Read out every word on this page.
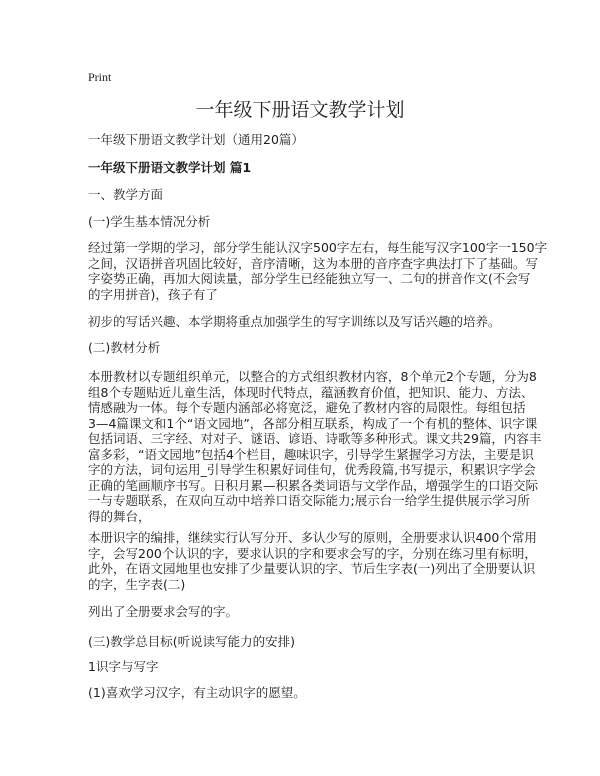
Print
一年级下册语文教学计划
一年级下册语文教学计划（通用20篇）
一年级下册语文教学计划 篇1
一、教学方面
(一)学生基本情况分析
经过第一学期的学习，部分学生能认汉字500字左右，每生能写汉字100字一150字
之间，汉语拼音巩固比较好，音序清晰，这为本册的音序查字典法打下了基础。写
字姿势正确，再加大阅读量，部分学生已经能独立写一、二句的拼音作文(不会写
的字用拼音)，孩子有了
初步的写话兴趣、本学期将重点加强学生的写字训练以及写话兴趣的培养。
(二)教材分析
本册教材以专题组织单元，以整合的方式组织教材内容，8个单元2个专题，分为8
组8个专题贴近儿童生活，体现时代特点，蕴涵教育价值，把知识、能力、方法、
情感融为一体。每个专题内涵部必将宽泛，避免了教材内容的局限性。每组包括
3—4篇课文和1个“语文园地”，各部分相互联系，构成了一个有机的整体、识字课
包括词语、三字经、对对子、谜语、谚语、诗歌等多种形式。课文共29篇，内容丰
富多彩，“语文园地”包括4个栏目，趣味识字，引导学生紧握学习方法，主要是识
字的方法，词句运用_引导学生积累好词佳句，优秀段篇,书写提示，积累识字学会
正确的笔画顺序书写。日积月累—积累各类词语与文学作品，增强学生的口语交际
一与专题联系，在双向互动中培养口语交际能力;展示台一给学生提供展示学习所
得的舞台，
本册识字的编排，继续实行认写分开、多认少写的原则，全册要求认识400个常用
字，会写200个认识的字，要求认识的字和要求会写的字，分别在练习里有标明，
此外，在语文园地里也安排了少量要认识的字、节后生字表(一)列出了全册要认识
的字，生字表(二)
列出了全册要求会写的字。
(三)教学总目标(听说读写能力的安排)
1识字与写字
(1)喜欢学习汉字，有主动识字的愿望。
